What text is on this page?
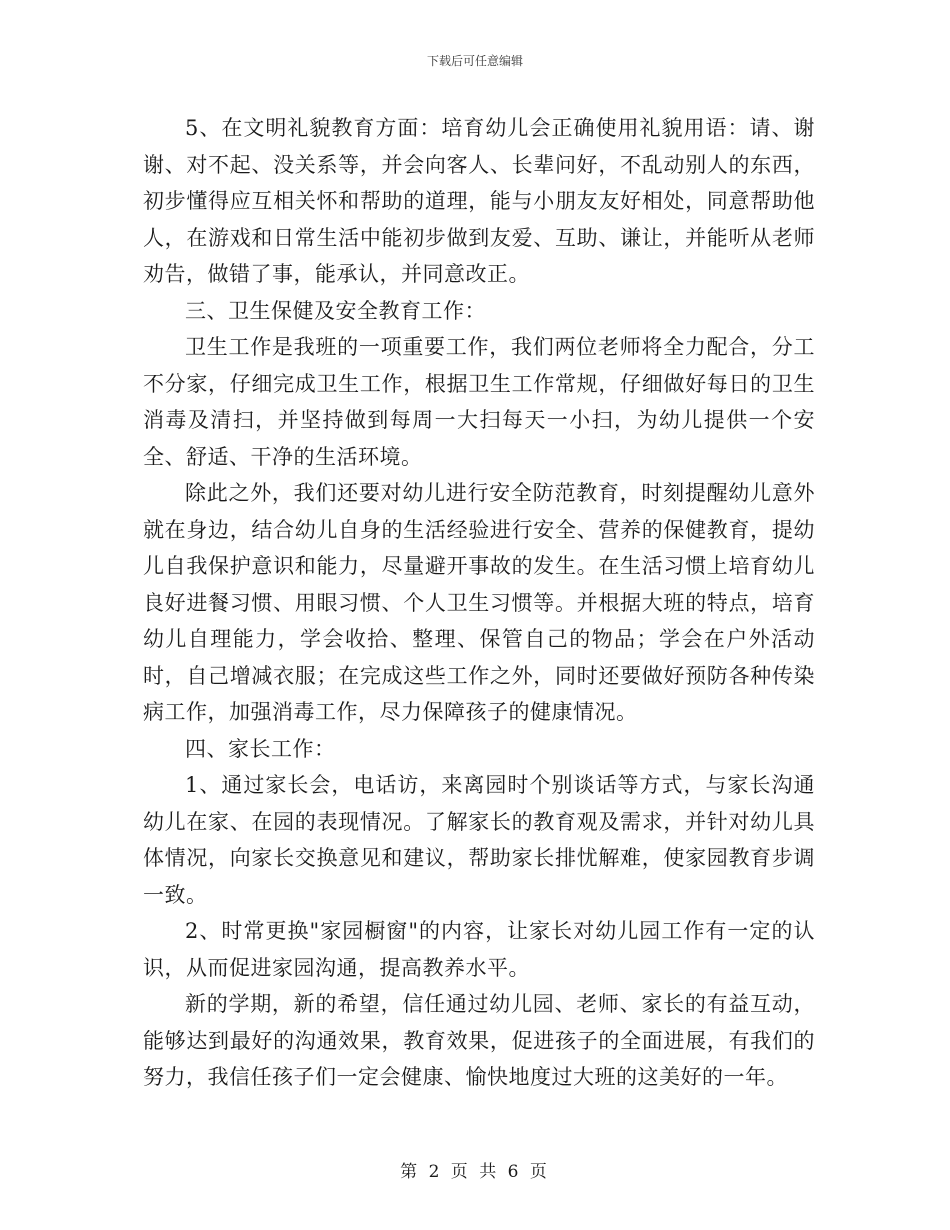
下载后可任意编辑

5、在文明礼貌教育方面：培育幼儿会正确使用礼貌用语：请、谢谢、对不起、没关系等，并会向客人、长辈问好，不乱动别人的东西，初步懂得应互相关怀和帮助的道理，能与小朋友友好相处，同意帮助他人，在游戏和日常生活中能初步做到友爱、互助、谦让，并能听从老师劝告，做错了事，能承认，并同意改正。

三、卫生保健及安全教育工作：

卫生工作是我班的一项重要工作，我们两位老师将全力配合，分工不分家，仔细完成卫生工作，根据卫生工作常规，仔细做好每日的卫生消毒及清扫，并坚持做到每周一大扫每天一小扫，为幼儿提供一个安全、舒适、干净的生活环境。

除此之外，我们还要对幼儿进行安全防范教育，时刻提醒幼儿意外就在身边，结合幼儿自身的生活经验进行安全、营养的保健教育，提幼儿自我保护意识和能力，尽量避开事故的发生。在生活习惯上培育幼儿良好进餐习惯、用眼习惯、个人卫生习惯等。并根据大班的特点，培育幼儿自理能力，学会收拾、整理、保管自己的物品；学会在户外活动时，自己增减衣服；在完成这些工作之外，同时还要做好预防各种传染病工作，加强消毒工作，尽力保障孩子的健康情况。

四、家长工作：

1、通过家长会，电话访，来离园时个别谈话等方式，与家长沟通幼儿在家、在园的表现情况。了解家长的教育观及需求，并针对幼儿具体情况，向家长交换意见和建议，帮助家长排忧解难，使家园教育步调一致。

2、时常更换"家园橱窗"的内容，让家长对幼儿园工作有一定的认识，从而促进家园沟通，提高教养水平。

新的学期，新的希望，信任通过幼儿园、老师、家长的有益互动，能够达到最好的沟通效果，教育效果，促进孩子的全面进展，有我们的努力，我信任孩子们一定会健康、愉快地度过大班的这美好的一年。

第 2 页 共 6 页
